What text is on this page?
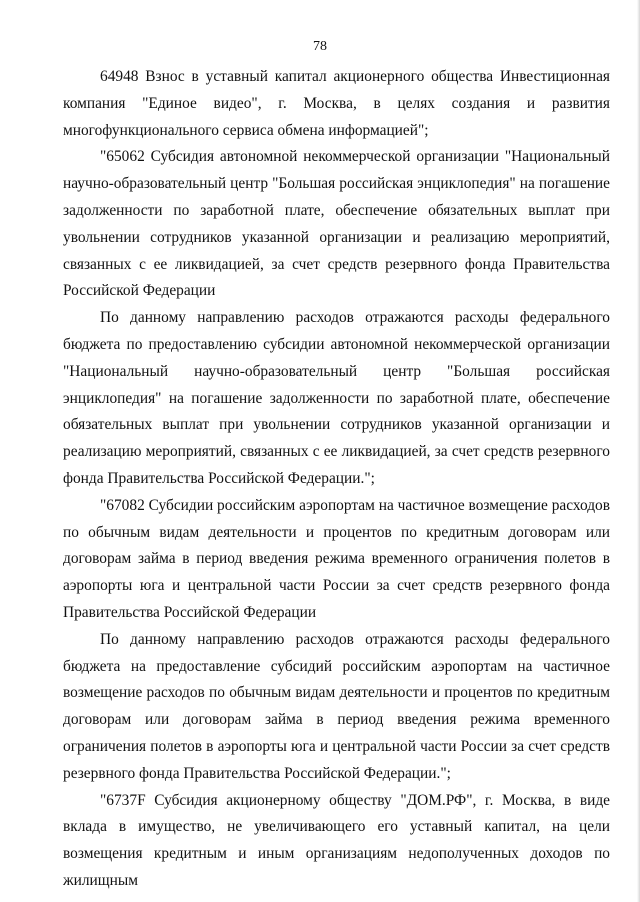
78

64948 Взнос в уставный капитал акционерного общества Инвестиционная компания "Единое видео", г. Москва, в целях создания и развития многофункционального сервиса обмена информацией";

"65062 Субсидия автономной некоммерческой организации "Национальный научно-образовательный центр "Большая российская энциклопедия" на погашение задолженности по заработной плате, обеспечение обязательных выплат при увольнении сотрудников указанной организации и реализацию мероприятий, связанных с ее ликвидацией, за счет средств резервного фонда Правительства Российской Федерации

По данному направлению расходов отражаются расходы федерального бюджета по предоставлению субсидии автономной некоммерческой организации "Национальный научно-образовательный центр "Большая российская энциклопедия" на погашение задолженности по заработной плате, обеспечение обязательных выплат при увольнении сотрудников указанной организации и реализацию мероприятий, связанных с ее ликвидацией, за счет средств резервного фонда Правительства Российской Федерации.";

"67082 Субсидии российским аэропортам на частичное возмещение расходов по обычным видам деятельности и процентов по кредитным договорам или договорам займа в период введения режима временного ограничения полетов в аэропорты юга и центральной части России за счет средств резервного фонда Правительства Российской Федерации

По данному направлению расходов отражаются расходы федерального бюджета на предоставление субсидий российским аэропортам на частичное возмещение расходов по обычным видам деятельности и процентов по кредитным договорам или договорам займа в период введения режима временного ограничения полетов в аэропорты юга и центральной части России за счет средств резервного фонда Правительства Российской Федерации.";

"6737F Субсидия акционерному обществу "ДОМ.РФ", г. Москва, в виде вклада в имущество, не увеличивающего его уставный капитал, на цели возмещения кредитным и иным организациям недополученных доходов по жилищным
